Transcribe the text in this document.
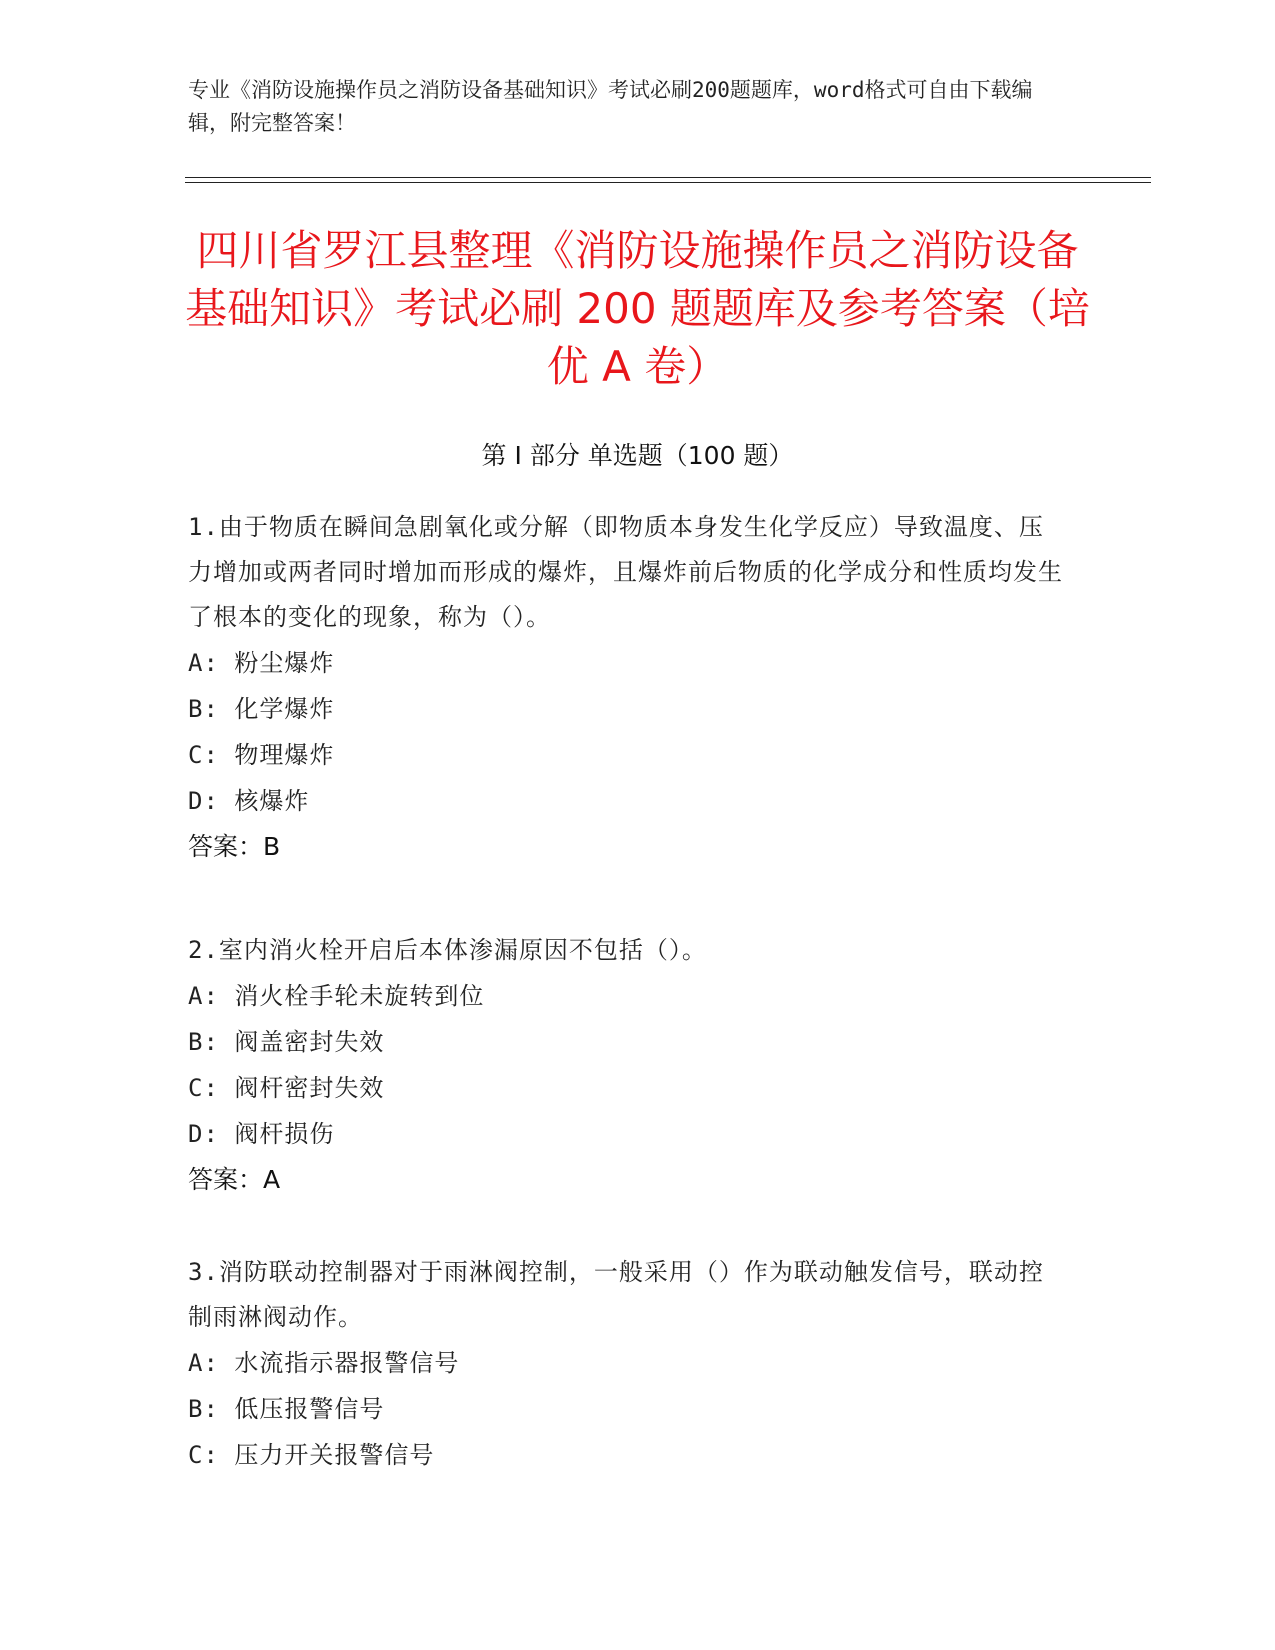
专业《消防设施操作员之消防设备基础知识》考试必刷200题题库，word格式可自由下载编辑，附完整答案！
四川省罗江县整理《消防设施操作员之消防设备基础知识》考试必刷 200 题题库及参考答案（培优 A 卷）
第 I 部分 单选题（100 题）
1.由于物质在瞬间急剧氧化或分解（即物质本身发生化学反应）导致温度、压力增加或两者同时增加而形成的爆炸，且爆炸前后物质的化学成分和性质均发生了根本的变化的现象，称为（）。
A: 粉尘爆炸
B: 化学爆炸
C: 物理爆炸
D: 核爆炸
答案：B
2.室内消火栓开启后本体渗漏原因不包括（）。
A: 消火栓手轮未旋转到位
B: 阀盖密封失效
C: 阀杆密封失效
D: 阀杆损伤
答案：A
3.消防联动控制器对于雨淋阀控制，一般采用（）作为联动触发信号，联动控制雨淋阀动作。
A: 水流指示器报警信号
B: 低压报警信号
C: 压力开关报警信号
